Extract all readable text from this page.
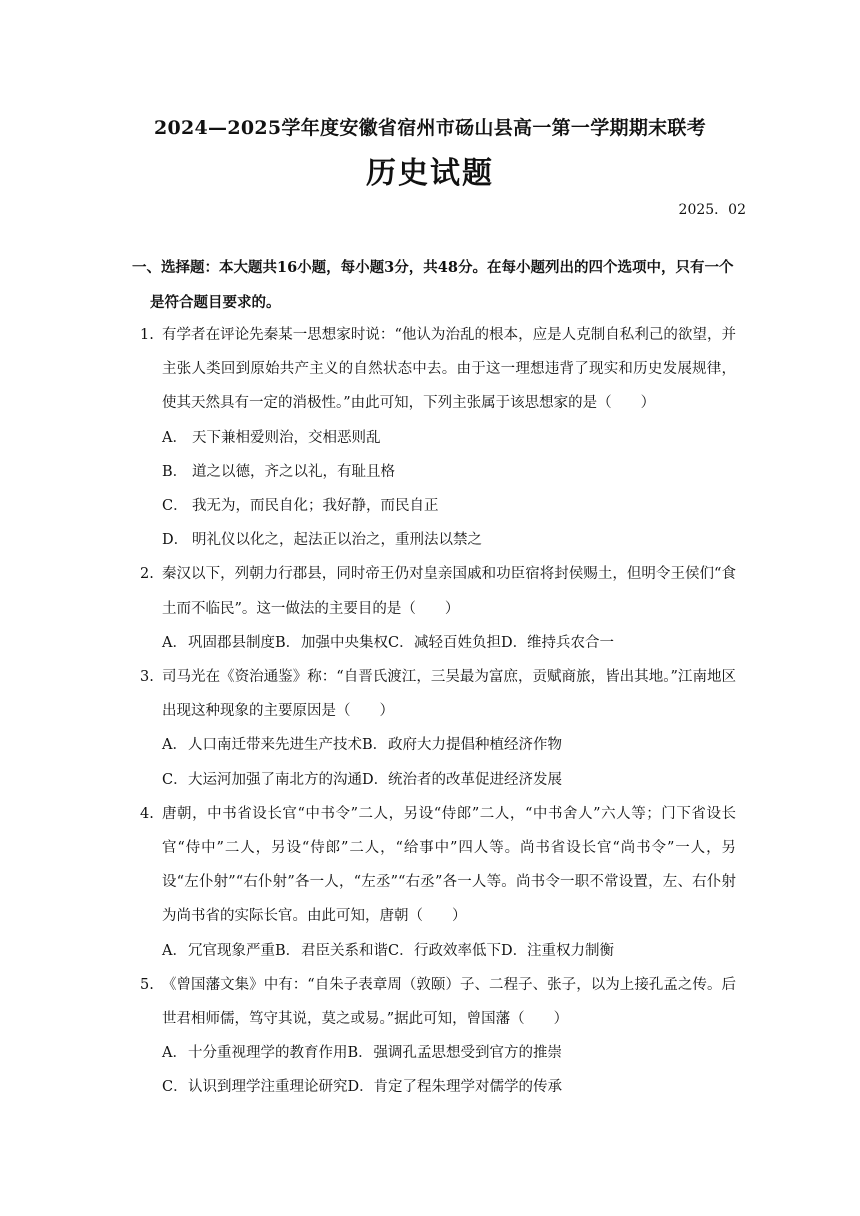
2024—2025学年度安徽省宿州市砀山县高一第一学期期末联考
历史试题
2025．02
一、选择题：本大题共16小题，每小题3分，共48分。在每小题列出的四个选项中，只有一个是符合题目要求的。
1. 有学者在评论先秦某一思想家时说：“他认为治乱的根本，应是人克制自私利己的欲望，并主张人类回到原始共产主义的自然状态中去。由于这一理想违背了现实和历史发展规律，使其天然具有一定的消极性。”由此可知，下列主张属于该思想家的是（　　）
A． 天下兼相爱则治，交相恶则乱
B． 道之以德，齐之以礼，有耻且格
C． 我无为，而民自化；我好静，而民自正
D． 明礼仪以化之，起法正以治之，重刑法以禁之
2. 秦汉以下，列朝力行郡县，同时帝王仍对皇亲国戚和功臣宿将封侯赐土，但明令王侯们“食土而不临民”。这一做法的主要目的是（　　）
A．巩固郡县制度B．加强中央集权C．减轻百姓负担D．维持兵农合一
3. 司马光在《资治通鉴》称：“自晋氏渡江，三吴最为富庶，贡赋商旅，皆出其地。”江南地区出现这种现象的主要原因是（　　）
A．人口南迁带来先进生产技术B．政府大力提倡种植经济作物
C．大运河加强了南北方的沟通D．统治者的改革促进经济发展
4. 唐朝，中书省设长官“中书令”二人，另设“侍郎”二人，“中书舍人”六人等；门下省设长官“侍中”二人，另设“侍郎”二人，“给事中”四人等。尚书省设长官“尚书令”一人，另设“左仆射”“右仆射”各一人，“左丞”“右丞”各一人等。尚书令一职不常设置，左、右仆射为尚书省的实际长官。由此可知，唐朝（　　）
A．冗官现象严重B．君臣关系和谐C．行政效率低下D．注重权力制衡
5. 《曾国藩文集》中有：“自朱子表章周（敦颐）子、二程子、张子，以为上接孔孟之传。后世君相师儒，笃守其说，莫之或易。”据此可知，曾国藩（　　）
A．十分重视理学的教育作用B．强调孔孟思想受到官方的推崇
C．认识到理学注重理论研究D．肯定了程朱理学对儒学的传承
